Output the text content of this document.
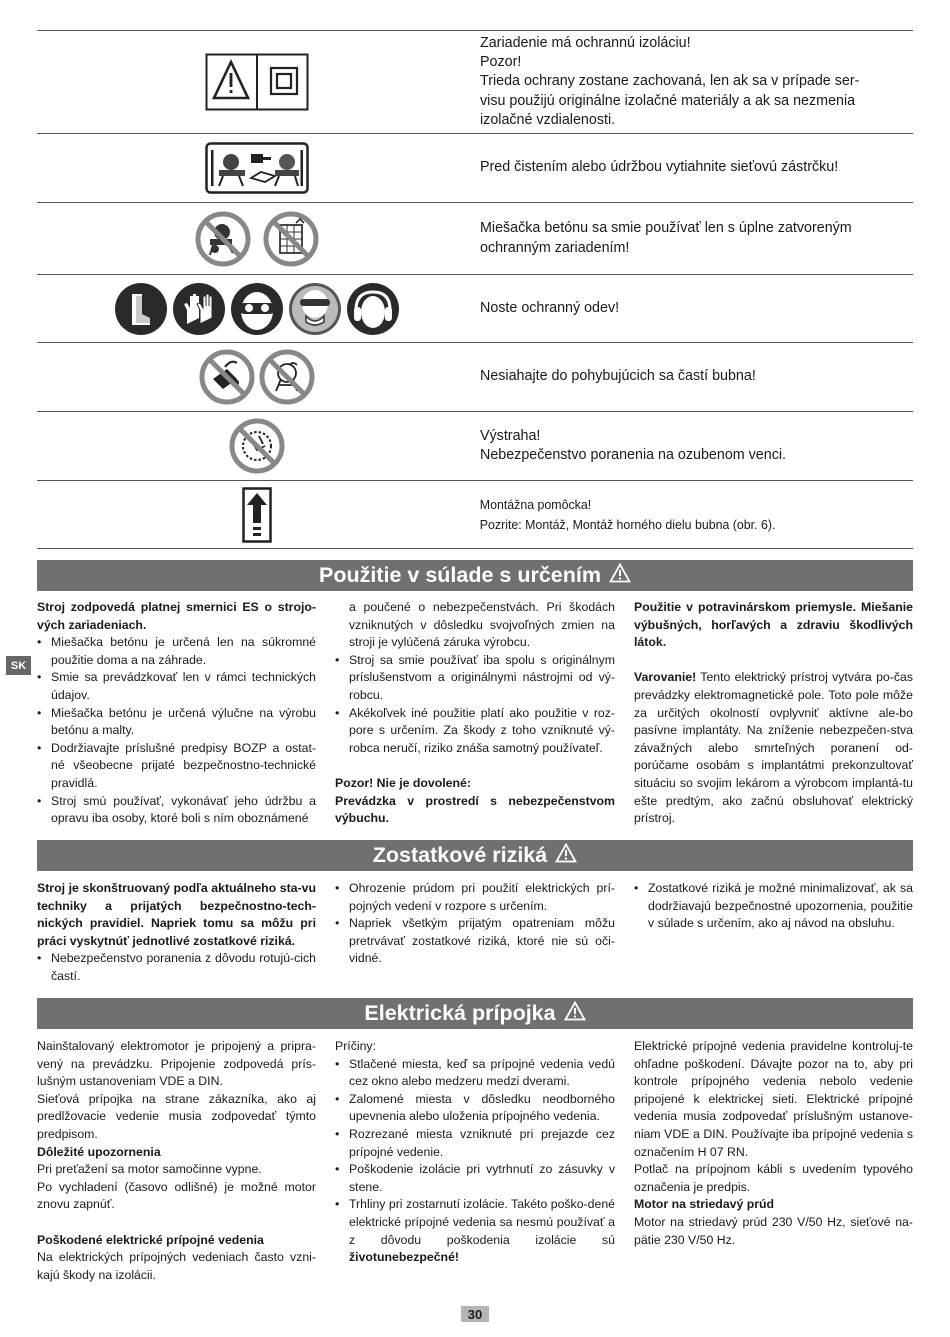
Zariadenie má ochrannú izoláciu!
Pozor!
Trieda ochrany zostane zachovaná, len ak sa v prípade ser-
visu použijú originálne izolačné materiály a ak sa nezmenia
izolačné vzdialenosti.
Pred čistením alebo údržbou vytiahnite sieťovú zástrčku!
Miešačka betónu sa smie používať len s úplne zatvoreným
ochranným zariadením!
Noste ochranný odev!
Nesiahajte do pohybujúcich sa častí bubna!
Výstraha!
Nebezpečenstvo poranenia na ozubenom venci.
Montážna pomôcka!
Pozrite: Montáž, Montáž horného dielu bubna (obr. 6).
SK
Použitie v súlade s určením

Stroj zodpovedá platnej smernici ES o strojo-vých zariadeniach.

• Miešačka betónu je určená len na súkromné použitie doma a na záhrade.
• Smie sa prevádzkovať len v rámci technických údajov.
• Miešačka betónu je určená výlučne na výrobu betónu a malty.
• Dodržiavajte príslušné predpisy BOZP a ostat-né všeobecne prijaté bezpečnostno-technické pravidlá.
• Stroj smú používať, vykonávať jeho údržbu a opravu iba osoby, ktoré boli s ním oboznámené

a poučené o nebezpečenstvách. Pri škodách vzniknutých v dôsledku svojvoľných zmien na stroji je vylúčená záruka výrobcu.

• Stroj sa smie používať iba spolu s originálnym príslušenstvom a originálnymi nástrojmi od vý-robcu.
• Akékoľvek iné použitie platí ako použitie v roz-pore s určením. Za škody z toho vzniknuté vý-robca neručí, riziko znáša samotný používateľ.

Pozor! Nie je dovolené:

Prevádzka v prostredí s nebezpečenstvom výbuchu.

Použitie v potravinárskom priemysle. Miešanie výbušných, horľavých a zdraviu škodlivých látok.

Varovanie! Tento elektrický prístroj vytvára po-čas prevádzky elektromagnetické pole. Toto pole môže za určitých okolností ovplyvniť aktívne ale-bo pasívne implantáty. Na zníženie nebezpečen-stva závažných alebo smrteľných poranení od-porúčame osobám s implantátmi prekonzultovať situáciu so svojim lekárom a výrobcom implantá-tu ešte predtým, ako začnú obsluhovať elektrický prístroj.

Zostatkové riziká

Stroj je skonštruovaný podľa aktuálneho sta-vu techniky a prijatých bezpečnostno-tech-nických pravidiel. Napriek tomu sa môžu pri práci vyskytnúť jednotlivé zostatkové riziká.

• Nebezpečenstvo poranenia z dôvodu rotujú-cich častí.
• Ohrozenie prúdom pri použití elektrických prí-pojných vedení v rozpore s určením.
• Napriek všetkým prijatým opatreniam môžu pretrvávať zostatkové riziká, ktoré nie sú oči-vidné.
• Zostatkové riziká je možné minimalizovať, ak sa dodržiavajú bezpečnostné upozornenia, použitie v súlade s určením, ako aj návod na obsluhu.
Elektrická prípojka

Nainštalovaný elektromotor je pripojený a pripra-vený na prevádzku. Pripojenie zodpovedá prís-lušným ustanoveniam VDE a DIN.

Sieťová prípojka na strane zákazníka, ako aj predlžovacie vedenie musia zodpovedať týmto predpisom.

Dôležité upozornenia

Pri preťažení sa motor samočinne vypne.

Po vychladení (časovo odlišné) je možné motor znovu zapnúť.

Poškodené elektrické prípojné vedenia

Na elektrických prípojných vedeniach často vzni-kajú škody na izolácii.

Príčiny:

• Stlačené miesta, keď sa prípojné vedenia vedú cez okno alebo medzeru medzi dverami.
• Zalomené miesta v dôsledku neodborného upevnenia alebo uloženia prípojného vedenia.
• Rozrezané miesta vzniknuté pri prejazde cez prípojné vedenie.
• Poškodenie izolácie pri vytrhnutí zo zásuvky v stene.
• Trhliny pri zostarnutí izolácie. Takéto poško-dené elektrické prípojné vedenia sa nesmú používať a z dôvodu poškodenia izolácie sú životunebezpečné!

Elektrické prípojné vedenia pravidelne kontroluj-te ohľadne poškodení. Dávajte pozor na to, aby pri kontrole prípojného vedenia nebolo vedenie pripojené k elektrickej sieti. Elektrické prípojné vedenia musia zodpovedať príslušným ustanove-niam VDE a DIN. Používajte iba prípojné vedenia s označením H 07 RN.

Potlač na prípojnom kábli s uvedením typového označenia je predpis.

Motor na striedavý prúd

Motor na striedavý prúd 230 V/50 Hz, sieťové na-pätie 230 V/50 Hz.

30
